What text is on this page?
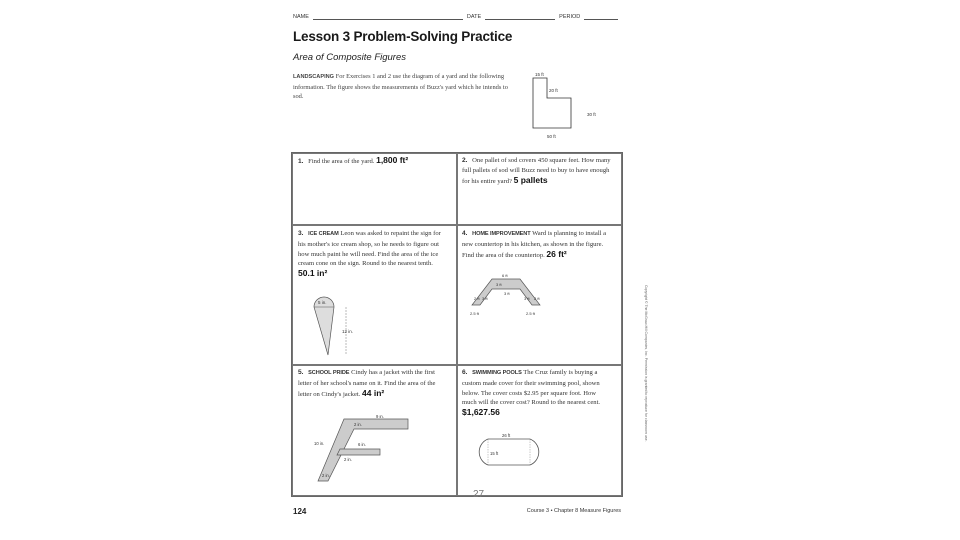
NAME	DATE	PERIOD
Lesson 3 Problem-Solving Practice
Area of Composite Figures
LANDSCAPING For Exercises 1 and 2 use the diagram of a yard and the following information. The figure shows the measurements of Buzz's yard which he intends to sod.
15 ft
20 ft
30 ft
50 ft
1. Find the area of the yard. 1,800 ft²	2. One pallet of sod covers 450 square feet. How many full pallets of sod will Buzz need to buy to have enough for his entire yard? 5 pallets
3. ICE CREAM Leon was asked to repaint the sign for his mother's ice cream shop, so he needs to figure out how much paint he will need. Find the area of the ice cream cone on the sign. Round to the nearest tenth. 50.1 in²
4. HOME IMPROVEMENT Ward is planning to install a new countertop in his kitchen, as shown in the figure. Find the area of the countertop. 26 ft²
5. SCHOOL PRIDE Cindy has a jacket with the first letter of her school's name on it. Find the area of the letter on Cindy's jacket. 44 in²
6. SWIMMING POOLS The Cruz family is buying a custom made cover for their swimming pool, shown below. The cover costs $2.95 per square foot. How much will the cover cost? Round to the nearest cent. $1,627.56
5 in.
12 in.
6 ft
3 ft
3 ft
3 ft	3 ft
2 ft	2 ft
2.5 ft	2.5 ft
9 in.
2 in.
6 in.
10 in.
2 in.
2 in.
26 ft
15 ft
27
124	Course 3 • Chapter 8 Measure Figures
Copyright © The McGraw-Hill Companies, Inc. Permission is granted to reproduce for classroom use.
